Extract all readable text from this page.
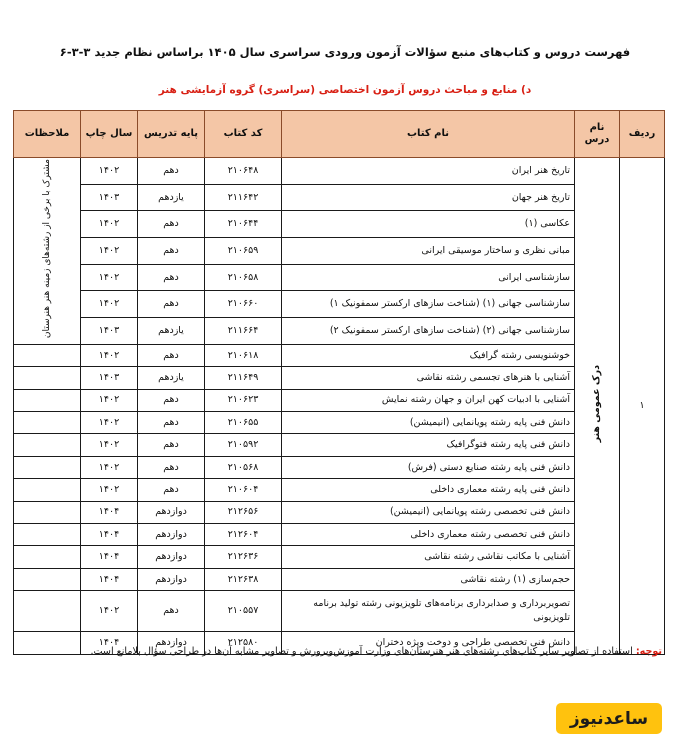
فهرست دروس و کتاب‌های منبع سؤالات آزمون ورودی سراسری سال ۱۴۰۵ براساس نظام جدید ۳-۳-۶
د) منابع و مباحث دروس آزمون اختصاصی (سراسری) گروه آزمایشی هنر
ردیف	نام درس	نام کتاب	کد کتاب	پایه تدریس	سال چاپ	ملاحظات
۱	درک عمومی هنر	تاریخ هنر ایران	۲۱۰۶۴۸	دهم	۱۴۰۲	مشترک با برخی از رشته‌های زمینه هنر هنرستان
		تاریخ هنر جهان	۲۱۱۶۴۲	یازدهم	۱۴۰۳	
		عکاسی (۱)	۲۱۰۶۴۴	دهم	۱۴۰۲	
		مبانی نظری و ساختار موسیقی ایرانی	۲۱۰۶۵۹	دهم	۱۴۰۲	
		سازشناسی ایرانی	۲۱۰۶۵۸	دهم	۱۴۰۲	
		سازشناسی جهانی (۱) (شناخت سازهای ارکستر سمفونیک ۱)	۲۱۰۶۶۰	دهم	۱۴۰۲	
		سازشناسی جهانی (۲) (شناخت سازهای ارکستر سمفونیک ۲)	۲۱۱۶۶۴	یازدهم	۱۴۰۳	
		خوشنویسی رشته گرافیک	۲۱۰۶۱۸	دهم	۱۴۰۲	
		آشنایی با هنرهای تجسمی رشته نقاشی	۲۱۱۶۴۹	یازدهم	۱۴۰۳	
		آشنایی با ادبیات کهن ایران و جهان رشته نمایش	۲۱۰۶۲۳	دهم	۱۴۰۲	
		دانش فنی پایه رشته پویانمایی (انیمیشن)	۲۱۰۶۵۵	دهم	۱۴۰۲	
		دانش فنی پایه رشته فتوگرافیک	۲۱۰۵۹۲	دهم	۱۴۰۲	
		دانش فنی پایه رشته صنایع دستی (فرش)	۲۱۰۵۶۸	دهم	۱۴۰۲	
		دانش فنی پایه رشته معماری داخلی	۲۱۰۶۰۴	دهم	۱۴۰۲	
		دانش فنی تخصصی رشته پویانمایی (انیمیشن)	۲۱۲۶۵۶	دوازدهم	۱۴۰۴	
		دانش فنی تخصصی رشته معماری داخلی	۲۱۲۶۰۴	دوازدهم	۱۴۰۴	
		آشنایی با مکاتب نقاشی رشته نقاشی	۲۱۲۶۳۶	دوازدهم	۱۴۰۴	
		حجم‌سازی (۱) رشته نقاشی	۲۱۲۶۳۸	دوازدهم	۱۴۰۴	
		تصویربرداری و صدابرداری برنامه‌های تلویزیونی رشته تولید برنامه تلویزیونی	۲۱۰۵۵۷	دهم	۱۴۰۲	
		دانش فنی تخصصی طراحی و دوخت ویژه دختران	۲۱۲۵۸۰	دوازدهم	۱۴۰۴	
توجه: استفاده از تصاویر سایر کتاب‌های رشته‌های هنر هنرستان‌های وزارت آموزش‌وپرورش و تصاویر مشابه آن‌ها در طراحی سؤال بلامانع است.
ساعدنیوز
